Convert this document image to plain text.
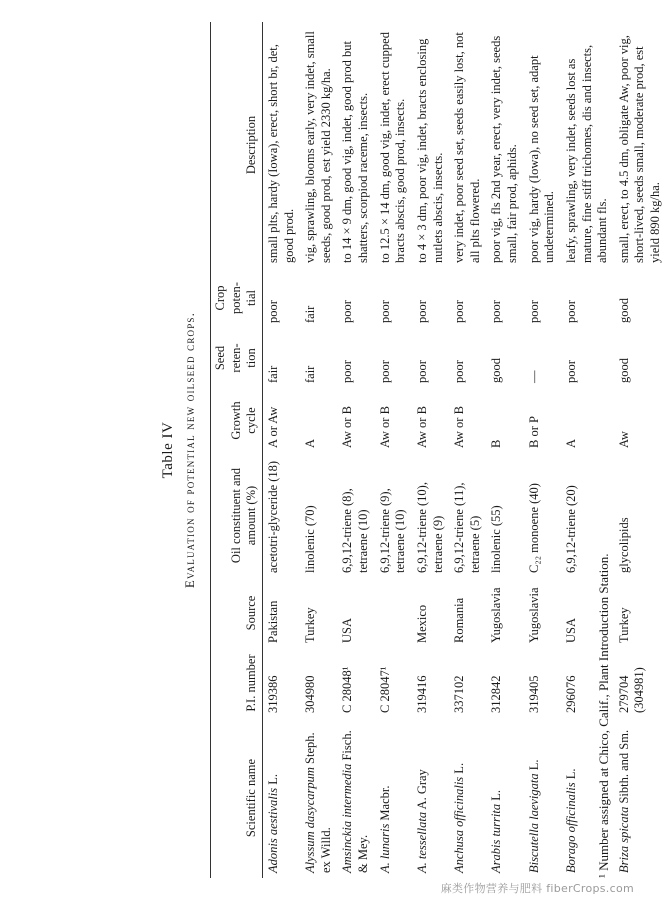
Table IV Evaluation of potential new oilseed crops.
Scientific name	P.I. number	Source	Oil constituent and amount (%)	Growth cycle	Seed reten- tion	Crop poten- tial	Description
Adonis aestivalis L.	319386	Pakistan	acetotri-glyceride (18)	A or Aw	fair	poor	small plts, hardy (Iowa), erect, short br, det, good prod.
Alyssum dasycarpum Steph. ex Willd.	304980	Turkey	linolenic (70)	A	fair	fair	vig, sprawling, blooms early, very indet, small seeds, good prod, est yield 2330 kg/ha.
Amsinckia intermedia Fisch. & Mey.	C 28048¹	USA	6,9,12-triene (8), tetraene (10)	Aw or B	poor	poor	to 14 × 9 dm, good vig, indet, good prod but shatters, scorpiod raceme, insects.
A. lunaris Macbr.	C 28047¹		6,9,12-triene (9), tetraene (10)	Aw or B	poor	poor	to 12.5 × 14 dm, good vig, indet, erect cupped bracts abscis, good prod, insects.
A. tessellata A. Gray	319416	Mexico	6,9,12-triene (10), tetraene (9)	Aw or B	poor	poor	to 4 × 3 dm, poor vig, indet, bracts enclosing nutlets abscis, insects.
Anchusa officinalis L.	337102	Romania	6,9,12-triene (11), tetraene (5)	Aw or B	poor	poor	very indet, poor seed set, seeds easily lost, not all plts flowered.
Arabis turrita L.	312842	Yugoslavia	linolenic (55)	B	good	poor	poor vig, fls 2nd year, erect, very indet, seeds small, fair prod, aphids.
Biscutella laevigata L.	319405	Yugoslavia	C₂₂ monoene (40)	B or P	—	poor	poor vig, hardy (Iowa), no seed set, adapt undetermined.
Borago officinalis L.	296076	USA	6,9,12-triene (20)	A	poor	poor	leafy, sprawling, very indet, seeds lost as mature, fine stiff trichomes, dis and insects, abundant fls.
Briza spicata Sibth. and Sm.	279704 (304981)	Turkey	glycolipids	Aw	good	good	small, erect, to 4.5 dm, obligate Aw, poor vig, short-lived, seeds small, moderate prod, est yield 890 kg/ha.
¹ Number assigned at Chico, Calif., Plant Introduction Station.
麻类作物营养与肥料 fiberCrops.com
